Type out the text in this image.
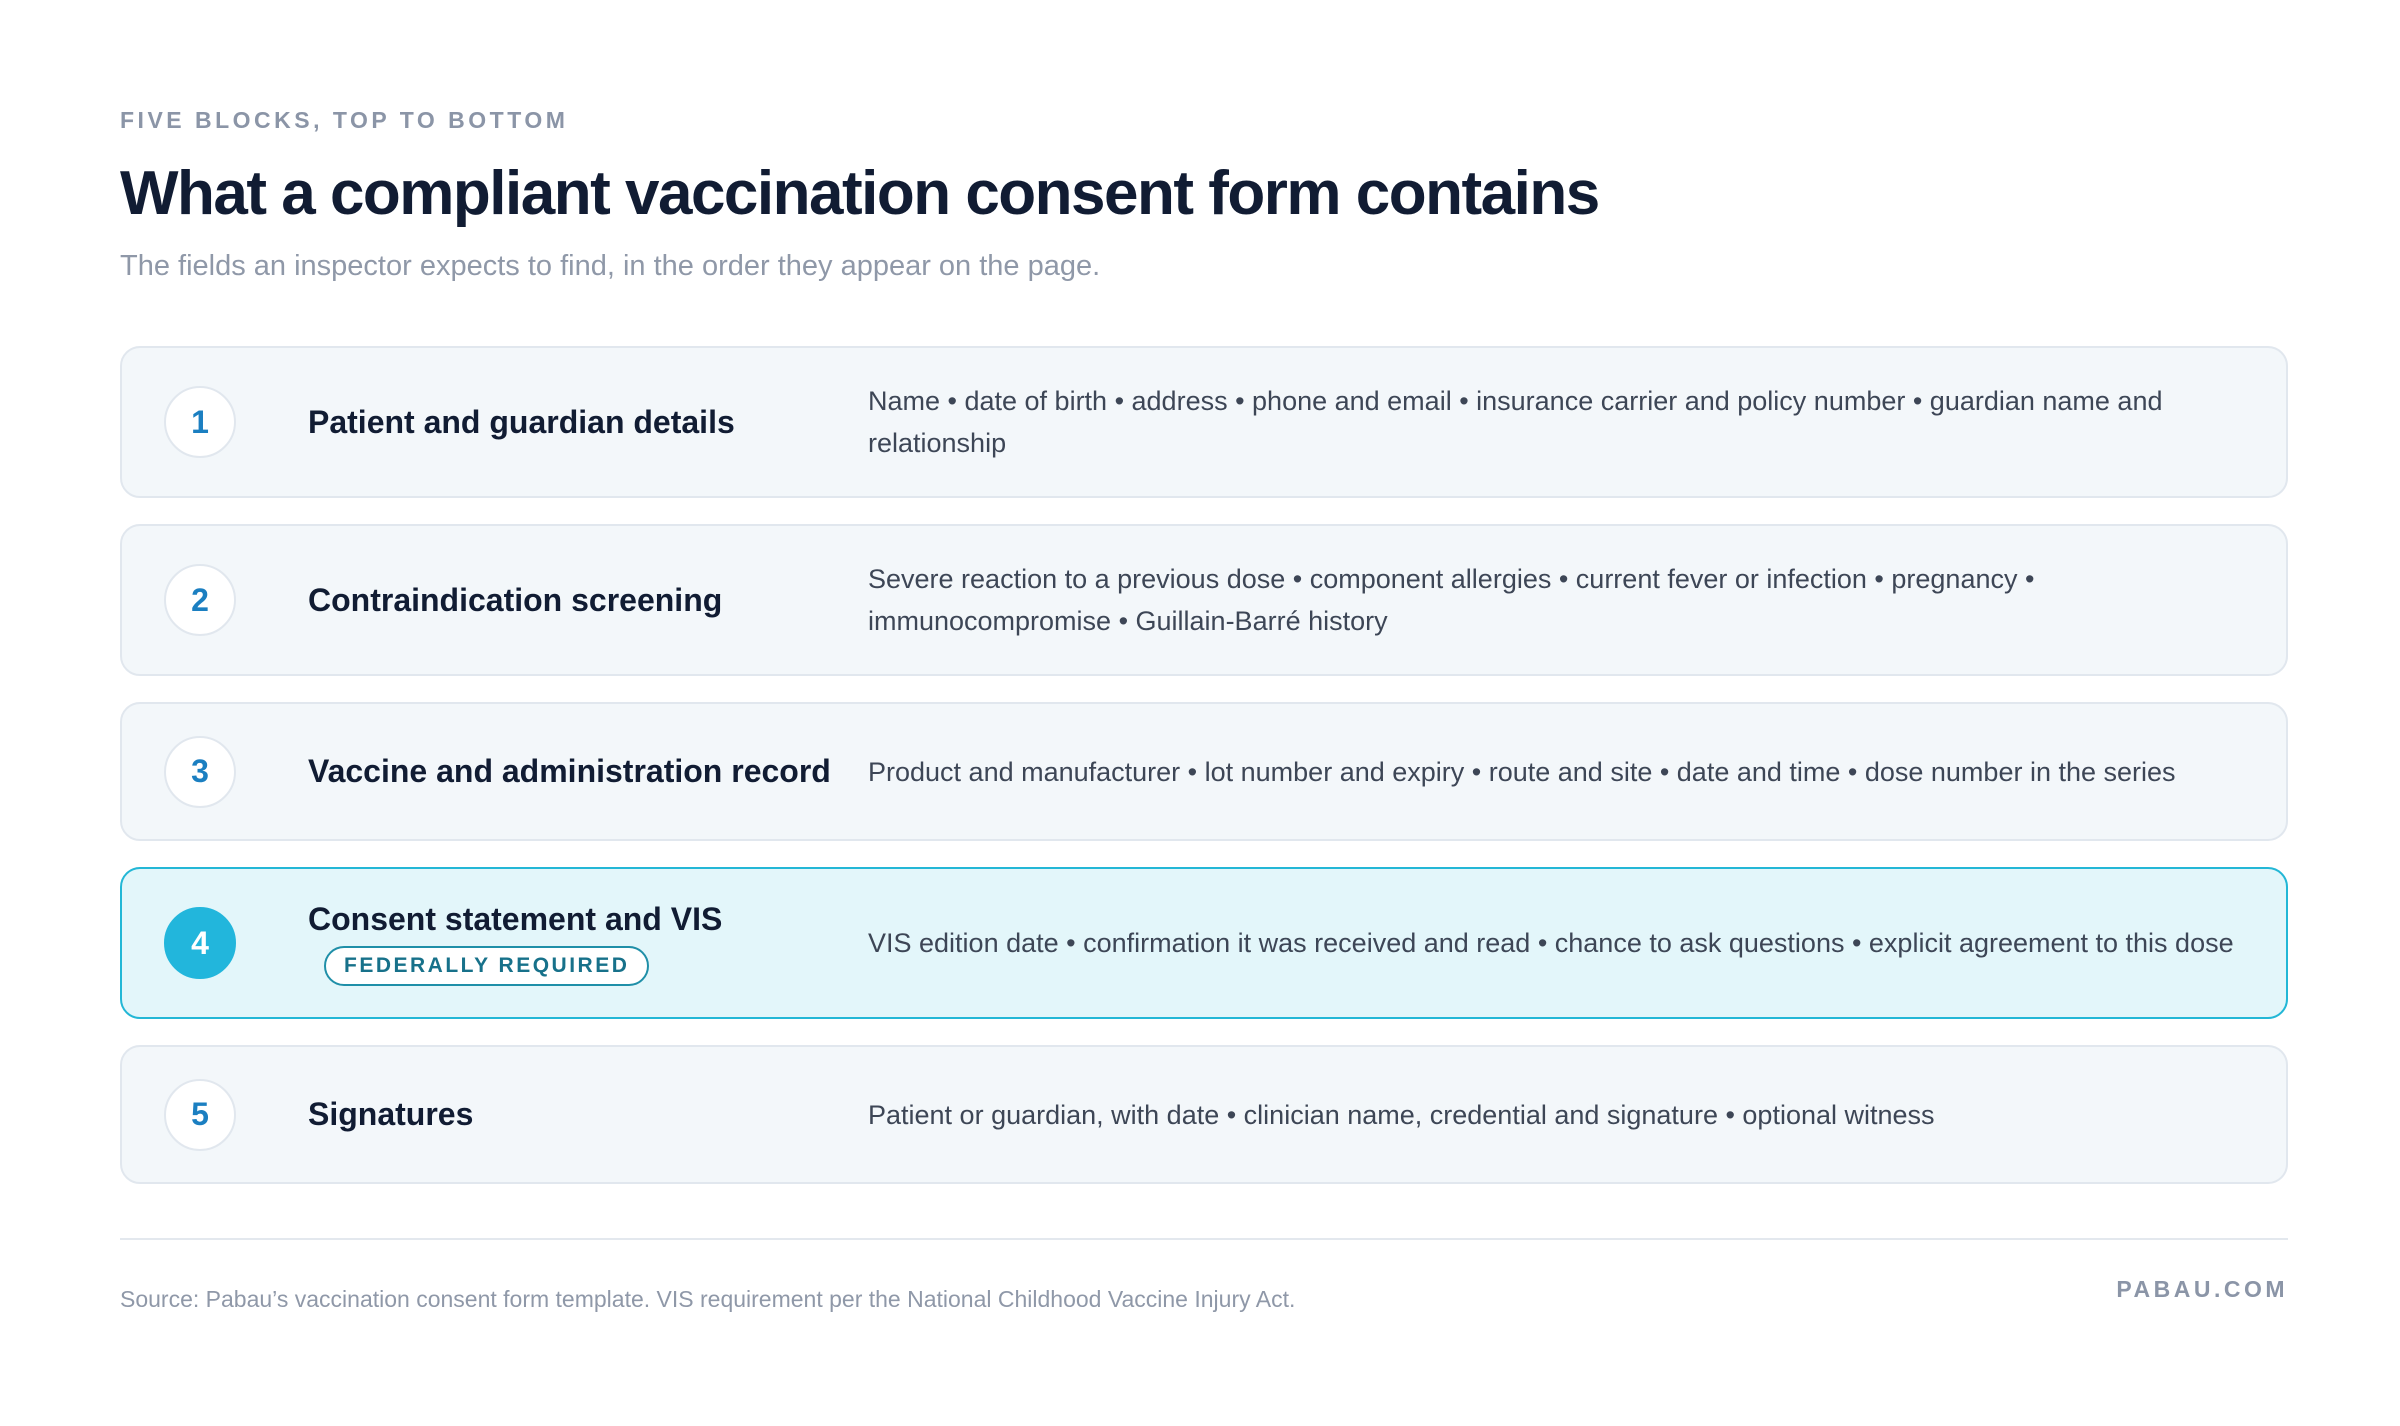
FIVE BLOCKS, TOP TO BOTTOM
What a compliant vaccination consent form contains
The fields an inspector expects to find, in the order they appear on the page.
1	Patient and guardian details
Name • date of birth • address • phone and email • insurance carrier and policy number • guardian name and relationship
2	Contraindication screening
Severe reaction to a previous dose • component allergies • current fever or infection • pregnancy • immunocompromise • Guillain-Barré history
3	Vaccine and administration record Product and manufacturer • lot number and expiry • route and site • date and time • dose number in the series
4
Consent statement and VIS
FEDERALLY REQUIRED
VIS edition date • confirmation it was received and read • chance to ask questions • explicit agreement to this dose
5	Signatures	Patient or guardian, with date • clinician name, credential and signature • optional witness
Source: Pabau’s vaccination consent form template. VIS requirement per the National Childhood Vaccine Injury Act.	PABAU.COM
